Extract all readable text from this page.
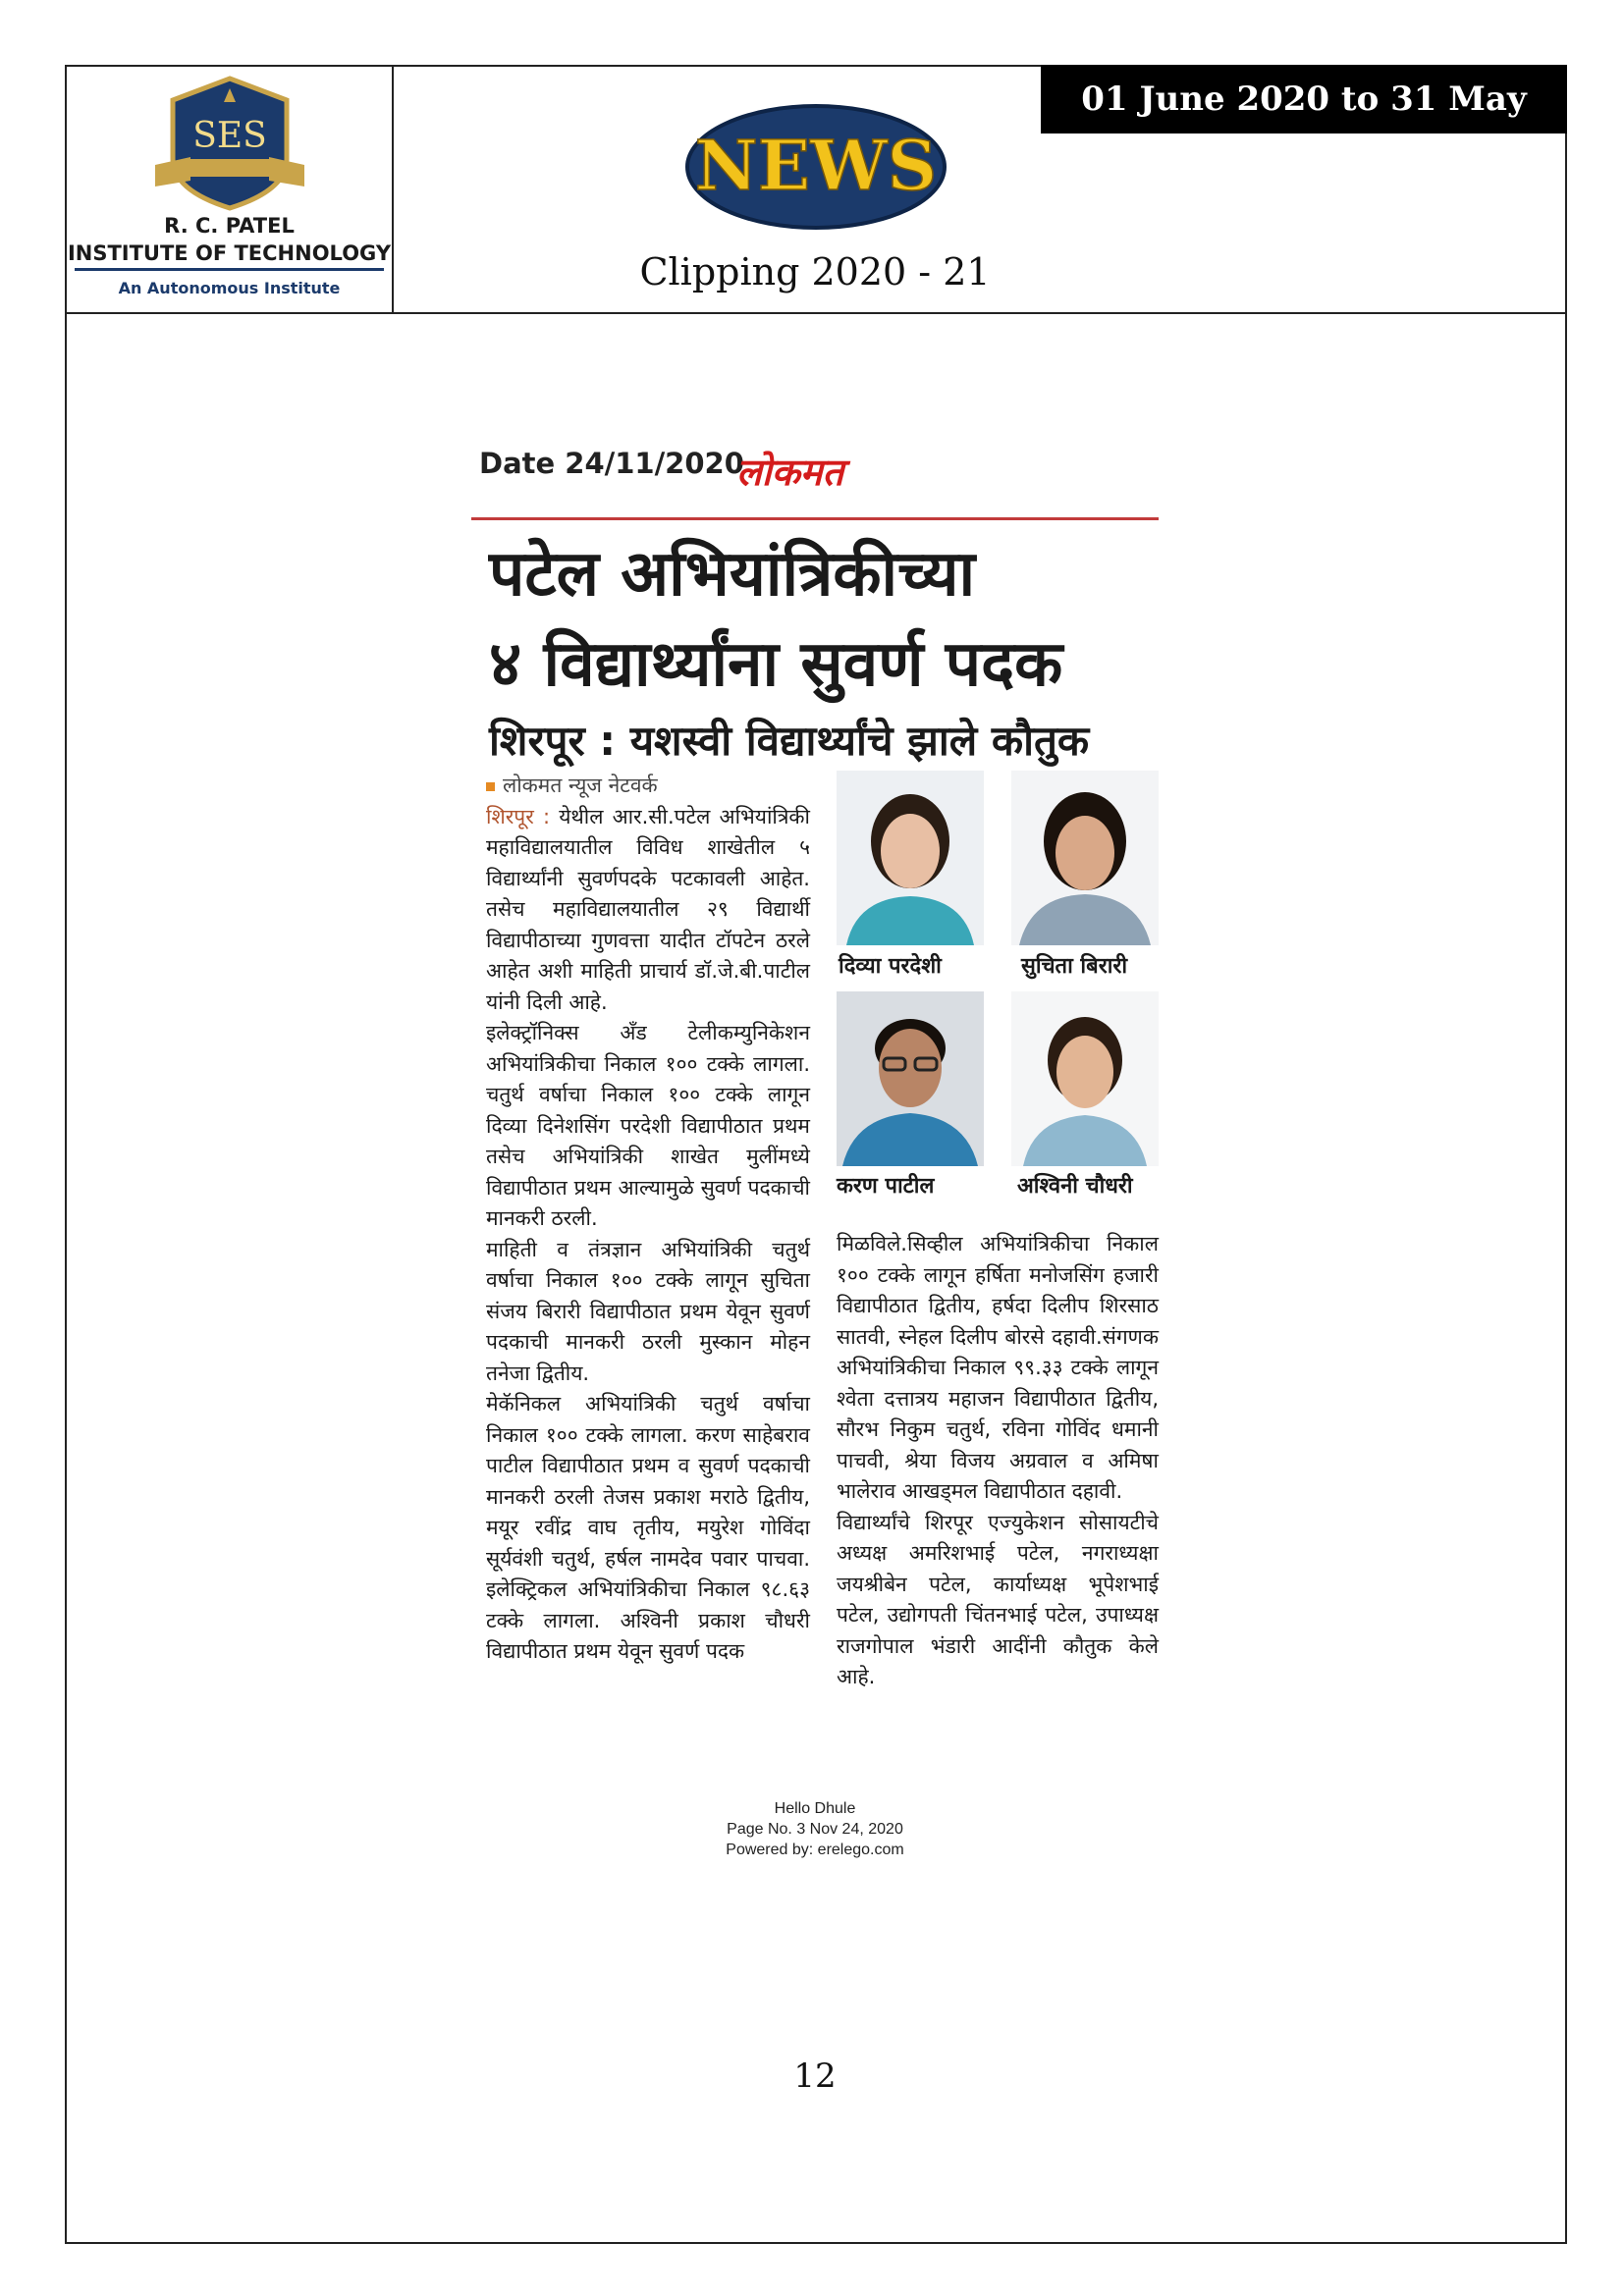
SES
R. C. PATEL
INSTITUTE OF TECHNOLOGY
An Autonomous Institute
01 June 2020 to 31 May 2021
NEWS
Clipping 2020 - 21
Date 24/11/2020
लोकमत
पटेल अभियांत्रिकीच्या
४ विद्यार्थ्यांना सुवर्ण पदक
शिरपूर : यशस्वी विद्यार्थ्यांचे झाले कौतुक

लोकमत न्यूज नेटवर्क

शिरपूर : येथील आर.सी.पटेल अभियांत्रिकी महाविद्यालयातील विविध शाखेतील ५ विद्यार्थ्यांनी सुवर्णपदके पटकावली आहेत. तसेच महाविद्यालयातील २९ विद्यार्थी विद्यापीठाच्या गुणवत्ता यादीत टॉपटेन ठरले आहेत अशी माहिती प्राचार्य डॉ.जे.बी.पाटील यांनी दिली आहे.

इलेक्ट्रॉनिक्स अँड टेलीकम्युनिकेशन अभियांत्रिकीचा निकाल १०० टक्के लागला. चतुर्थ वर्षाचा निकाल १०० टक्के लागून दिव्या दिनेशसिंग परदेशी विद्यापीठात प्रथम तसेच अभियांत्रिकी शाखेत मुलींमध्ये विद्यापीठात प्रथम आल्यामुळे सुवर्ण पदकाची मानकरी ठरली.

माहिती व तंत्रज्ञान अभियांत्रिकी चतुर्थ वर्षाचा निकाल १०० टक्के लागून सुचिता संजय बिरारी विद्यापीठात प्रथम येवून सुवर्ण पदकाची मानकरी ठरली मुस्कान मोहन तनेजा द्वितीय.

मेकॅनिकल अभियांत्रिकी चतुर्थ वर्षाचा निकाल १०० टक्के लागला. करण साहेबराव पाटील विद्यापीठात प्रथम व सुवर्ण पदकाची मानकरी ठरली तेजस प्रकाश मराठे द्वितीय, मयूर रवींद्र वाघ तृतीय, मयुरेश गोविंदा सूर्यवंशी चतुर्थ, हर्षल नामदेव पवार पाचवा. इलेक्ट्रिकल अभियांत्रिकीचा निकाल ९८.६३ टक्के लागला. अश्विनी प्रकाश चौधरी विद्यापीठात प्रथम येवून सुवर्ण पदक

दिव्या परदेशी	सुचिता बिरारी
करण पाटील	अश्विनी चौधरी

मिळविले.सिव्हील अभियांत्रिकीचा निकाल १०० टक्के लागून हर्षिता मनोजसिंग हजारी विद्यापीठात द्वितीय, हर्षदा दिलीप शिरसाठ सातवी, स्नेहल दिलीप बोरसे दहावी.संगणक अभियांत्रिकीचा निकाल ९९.३३ टक्के लागून श्वेता दत्तात्रय महाजन विद्यापीठात द्वितीय, सौरभ निकुम चतुर्थ, रविना गोविंद धमानी पाचवी, श्रेया विजय अग्रवाल व अमिषा भालेराव आखड्मल विद्यापीठात दहावी.

विद्यार्थ्यांचे शिरपूर एज्युकेशन सोसायटीचे अध्यक्ष अमरिशभाई पटेल, नगराध्यक्षा जयश्रीबेन पटेल, कार्याध्यक्ष भूपेशभाई पटेल, उद्योगपती चिंतनभाई पटेल, उपाध्यक्ष राजगोपाल भंडारी आदींनी कौतुक केले आहे.

Hello Dhule
Page No. 3 Nov 24, 2020
Powered by: erelego.com
12
